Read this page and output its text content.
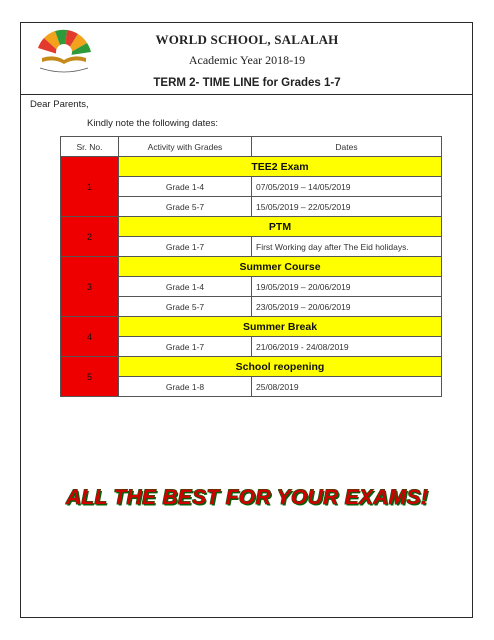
WORLD SCHOOL, SALALAH
Academic Year 2018-19
TERM 2- TIME LINE for Grades 1-7
Dear Parents,
Kindly note the following dates:
Sr. No.	Activity with Grades	Dates
1	TEE2 Exam	
	Grade 1-4	07/05/2019 – 14/05/2019
	Grade 5-7	15/05/2019 – 22/05/2019
2	PTM	
	Grade 1-7	First Working day after The Eid holidays.
3	Summer Course	
	Grade 1-4	19/05/2019 – 20/06/2019
	Grade 5-7	23/05/2019 – 20/06/2019
4	Summer Break	
	Grade 1-7	21/06/2019 - 24/08/2019
5	School reopening	
	Grade 1-8	25/08/2019
ALL THE BEST FOR YOUR EXAMS!
